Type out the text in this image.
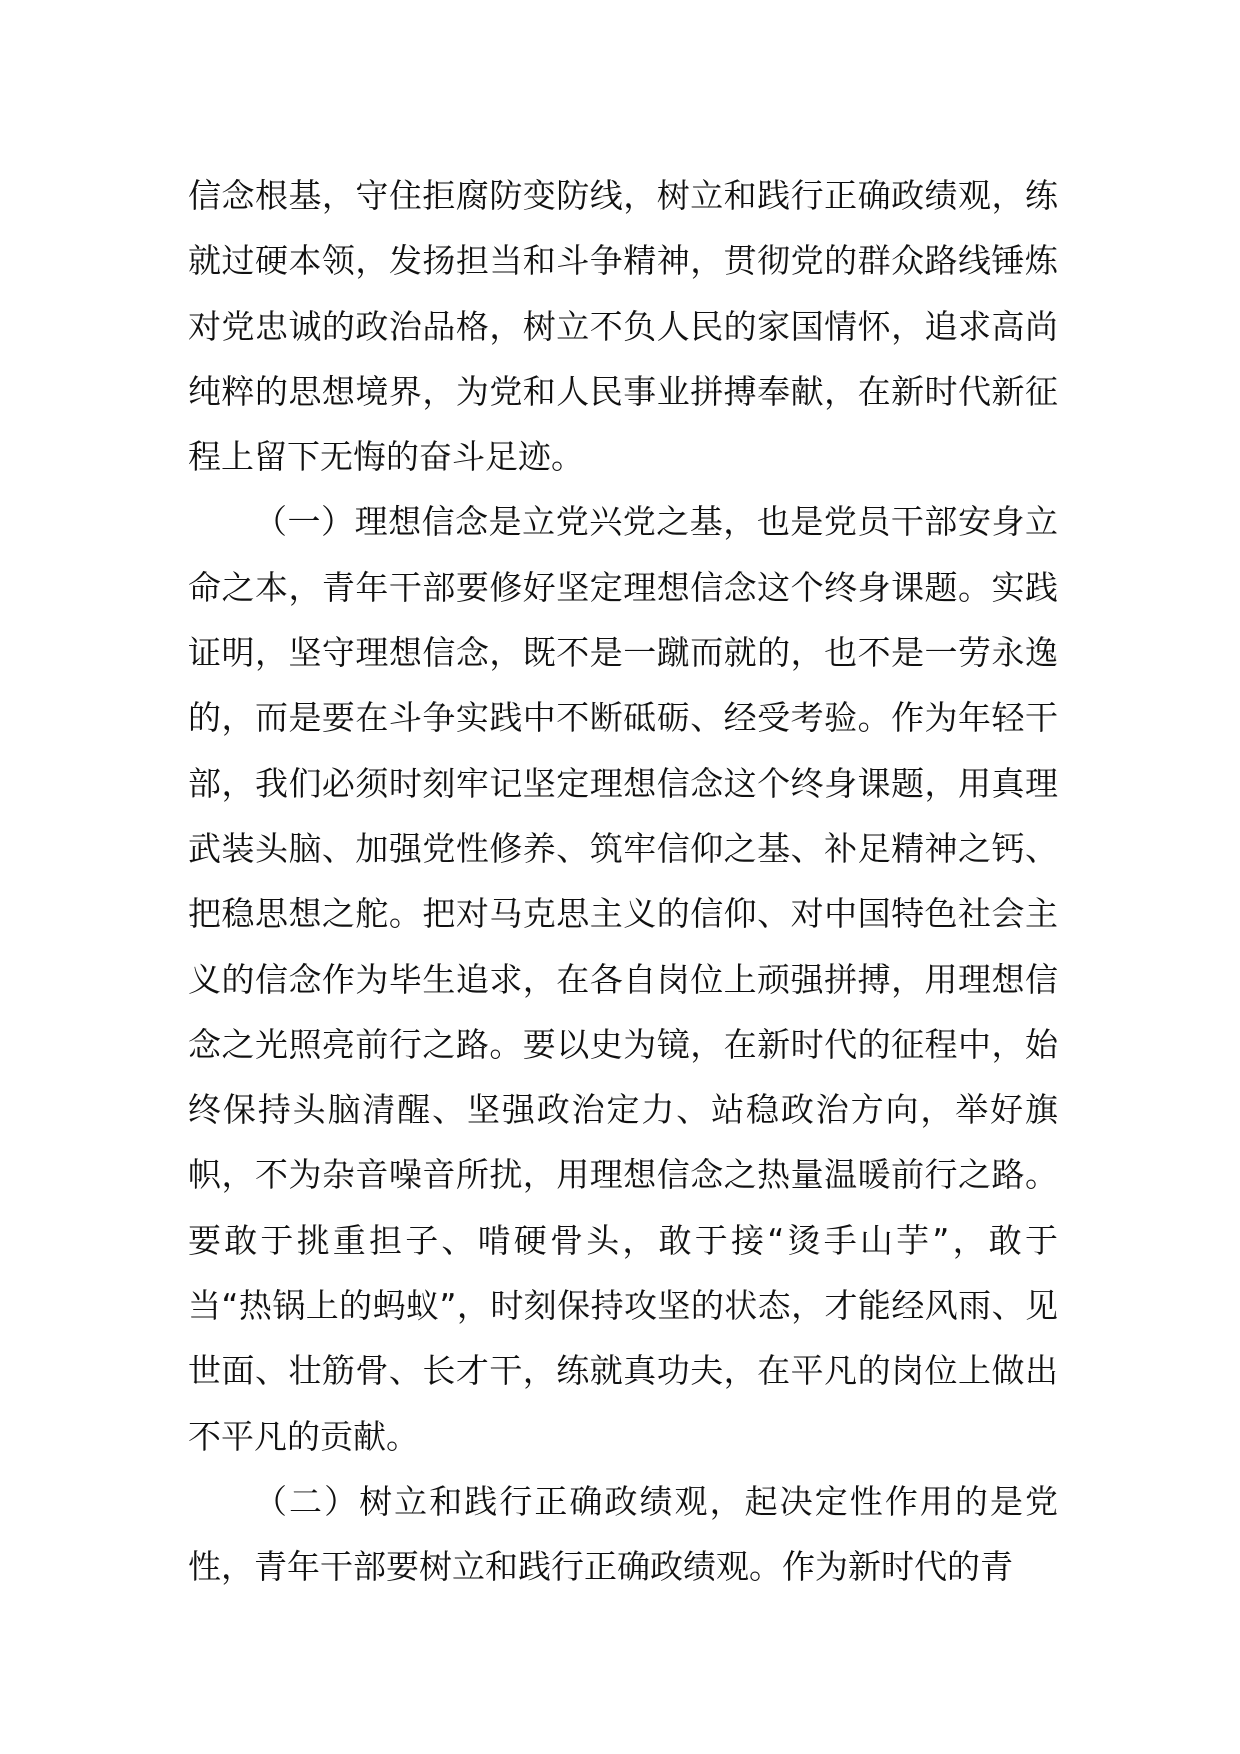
信念根基，守住拒腐防变防线，树立和践行正确政绩观，练就过硬本领，发扬担当和斗争精神，贯彻党的群众路线锤炼对党忠诚的政治品格，树立不负人民的家国情怀，追求高尚纯粹的思想境界，为党和人民事业拼搏奉献，在新时代新征程上留下无悔的奋斗足迹。

（一）理想信念是立党兴党之基，也是党员干部安身立命之本，青年干部要修好坚定理想信念这个终身课题。实践证明，坚守理想信念，既不是一蹴而就的，也不是一劳永逸的，而是要在斗争实践中不断砥砺、经受考验。作为年轻干部，我们必须时刻牢记坚定理想信念这个终身课题，用真理武装头脑、加强党性修养、筑牢信仰之基、补足精神之钙、把稳思想之舵。把对马克思主义的信仰、对中国特色社会主义的信念作为毕生追求，在各自岗位上顽强拼搏，用理想信念之光照亮前行之路。要以史为镜，在新时代的征程中，始终保持头脑清醒、坚强政治定力、站稳政治方向，举好旗帜，不为杂音噪音所扰，用理想信念之热量温暖前行之路。要敢于挑重担子、啃硬骨头，敢于接“烫手山芋”，敢于当“热锅上的蚂蚁”，时刻保持攻坚的状态，才能经风雨、见世面、壮筋骨、长才干，练就真功夫，在平凡的岗位上做出不平凡的贡献。

（二）树立和践行正确政绩观，起决定性作用的是党性，青年干部要树立和践行正确政绩观。作为新时代的青
